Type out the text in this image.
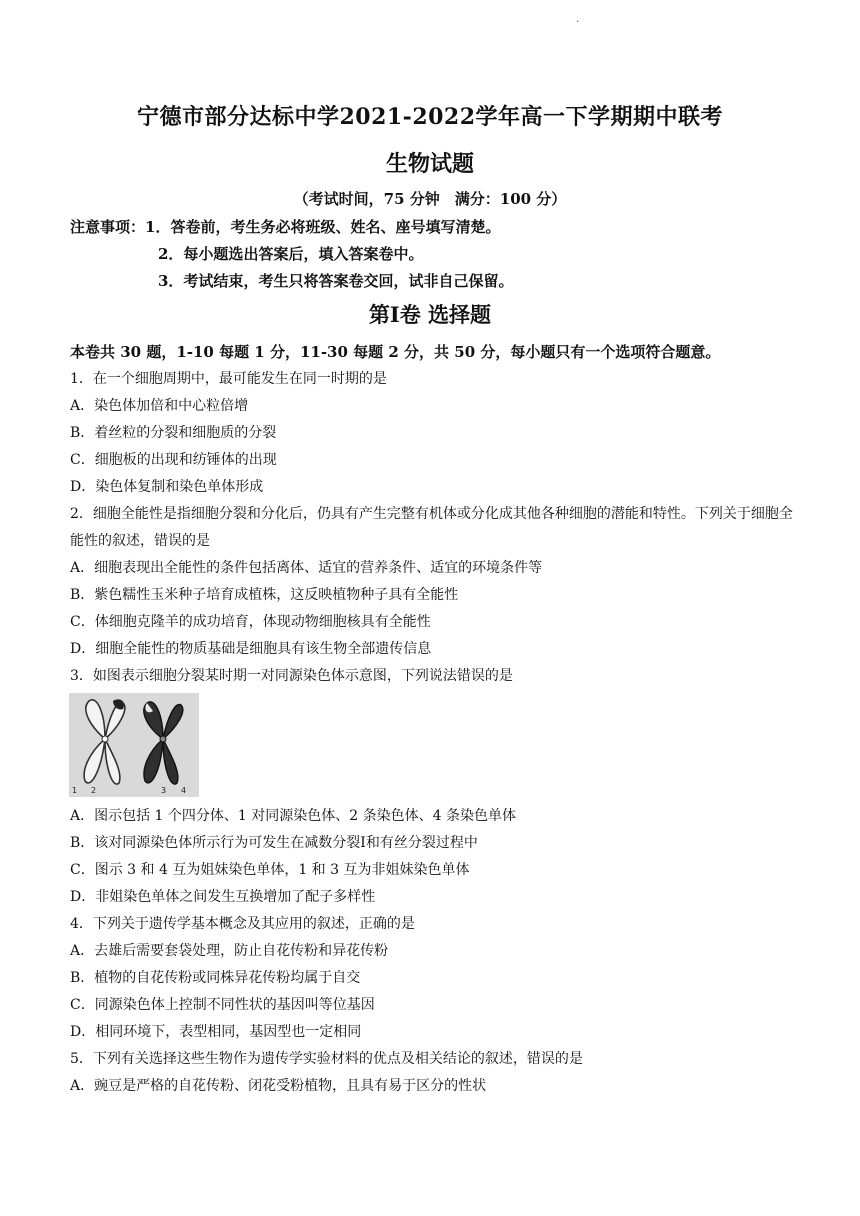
.
宁德市部分达标中学2021-2022学年高一下学期期中联考
生物试题
（考试时间，75 分钟　满分：100 分）
注意事项：1．答卷前，考生务必将班级、姓名、座号填写清楚。
2．每小题选出答案后，填入答案卷中。
3．考试结束，考生只将答案卷交回，试非自己保留。
第Ⅰ卷 选择题
本卷共 30 题，1-10 每题 1 分，11-30 每题 2 分，共 50 分，每小题只有一个选项符合题意。
1．在一个细胞周期中，最可能发生在同一时期的是
A．染色体加倍和中心粒倍增
B．着丝粒的分裂和细胞质的分裂
C．细胞板的出现和纺锤体的出现
D．染色体复制和染色单体形成
2．细胞全能性是指细胞分裂和分化后，仍具有产生完整有机体或分化成其他各种细胞的潜能和特性。下列关于细胞全能性的叙述，错误的是
A．细胞表现出全能性的条件包括离体、适宜的营养条件、适宜的环境条件等
B．紫色糯性玉米种子培育成植株，这反映植物种子具有全能性
C．体细胞克隆羊的成功培育，体现动物细胞核具有全能性
D．细胞全能性的物质基础是细胞具有该生物全部遗传信息
3．如图表示细胞分裂某时期一对同源染色体示意图，下列说法错误的是
1 2	3 4
A．图示包括 1 个四分体、1 对同源染色体、2 条染色体、4 条染色单体
B．该对同源染色体所示行为可发生在减数分裂Ⅰ和有丝分裂过程中
C．图示 3 和 4 互为姐妹染色单体，1 和 3 互为非姐妹染色单体
D．非姐染色单体之间发生互换增加了配子多样性
4．下列关于遗传学基本概念及其应用的叙述，正确的是
A．去雄后需要套袋处理，防止自花传粉和异花传粉
B．植物的自花传粉或同株异花传粉均属于自交
C．同源染色体上控制不同性状的基因叫等位基因
D．相同环境下，表型相同，基因型也一定相同
5．下列有关选择这些生物作为遗传学实验材料的优点及相关结论的叙述，错误的是
A．豌豆是严格的自花传粉、闭花受粉植物，且具有易于区分的性状
